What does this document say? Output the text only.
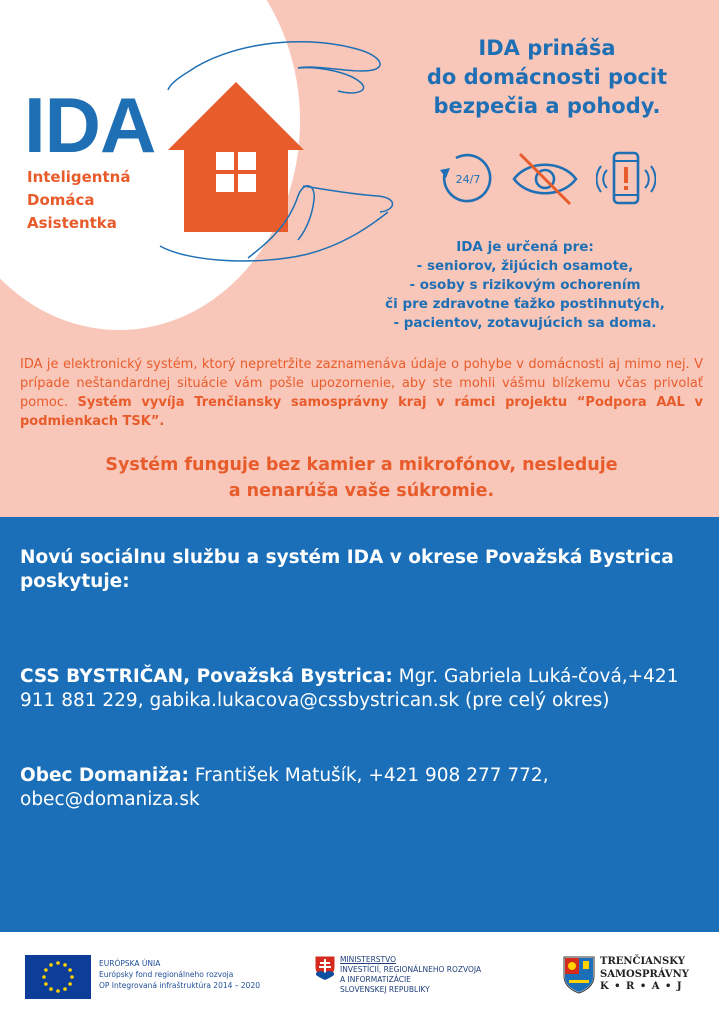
IDA
Inteligentná
Domáca
Asistentka
IDA prináša
do domácnosti pocit
bezpečia a pohody.
24/7
IDA je určená pre:
- seniorov, žijúcich osamote,
- osoby s rizikovým ochorením
či pre zdravotne ťažko postihnutých,
- pacientov, zotavujúcich sa doma.
IDA je elektronický systém, ktorý nepretržite zaznamenáva údaje o pohybe v domácnosti aj mimo nej. V prípade neštandardnej situácie vám pošle upozornenie, aby ste mohli vášmu blízkemu včas privolať pomoc. Systém vyvíja Trenčiansky samosprávny kraj v rámci projektu “Podpora AAL v podmienkach TSK”.
Systém funguje bez kamier a mikrofónov, nesleduje
a nenarúša vaše súkromie.
Novú sociálnu službu a systém IDA v okrese Považská Bystrica poskytuje:
CSS BYSTRIČAN, Považská Bystrica: Mgr. Gabriela Luká-čová,+421 911 881 229, gabika.lukacova@cssbystrican.sk (pre celý okres)
Obec Domaniža: František Matušík, +421 908 277 772, obec@domaniza.sk
EURÓPSKA ÚNIA
Európsky fond regionálneho rozvoja
OP Integrovaná infraštruktúra 2014 – 2020
MINISTERSTVO
INVESTÍCIÍ, REGIONÁLNEHO ROZVOJA
A INFORMATIZÁCIE
SLOVENSKEJ REPUBLIKY
TRENČIANSKY
SAMOSPRÁVNY
K • R • A • J
